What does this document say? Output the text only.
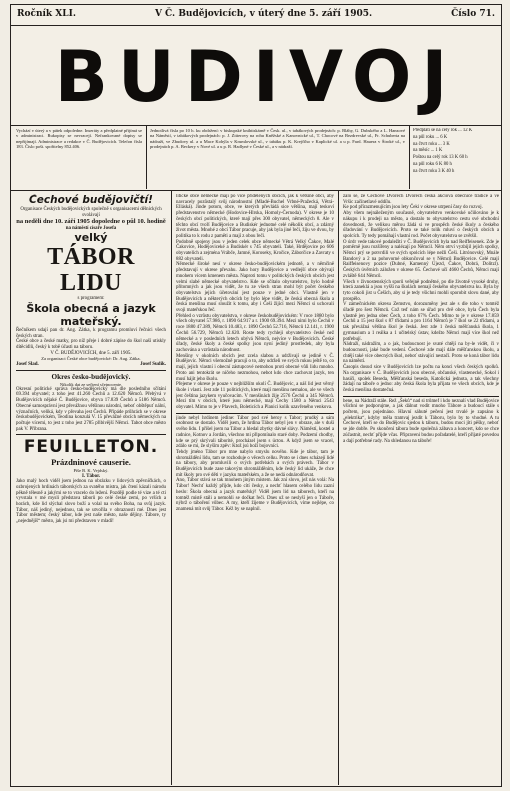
Ročník XLI.	V Č. Budějovicích, v úterý dne 5. září 1905.	Číslo 71.
BUDIVOJ
Vychází v úterý a v pátek odpoledne. Inseráty a předplatné přijímá se v administraci. Rukopisy se nevracejí. Nefrankované dopisy se nepřijímají. Administrace a redakce v Č. Budějovicích. Telefon čísla 183. Číslo pošt. spořitelny 852.406.
Jednotlivá čísla po 10 h. ku obdržení: v biskupské knihtiskárně v Česk. ul., v tabákových prodejnách: p. Bláhy, G. Dubského a L. Hanzové na Náměstí, v tabákových prodejnách: p. J. Zitterovy na rohu Kněžské a Kanovnické ul., T. Chocové na Bezdrevské ul., Fr. Schuberta na nádraží, ve Zbudovy ul. a u Mace Kohýla v Krumlovské ul., v tabáku p. K. Krejčího v Kaplické ul. a u p. Fard. Hauera v Široké ul., v prodejnách p. A. Beckery v Nové ul. a u p. R. Hadlyné v České ul., a v nádraží.
Předplatí se na celý rok ... 12 K
na půl roku ... 6 K
na čtvrt roku ... 3 K
na měsíc ... 1 K
Poštou na celý rok 13 K 60 h
na půl roku 6 K 80 h
na čtvrt roku 3 K 40 h
Čechové budějovičtí!
Organisace Českých budějovických společně s organisacemi dělnických svolávají
na neděli dne 10. září 1905 dopoledne o půl 10. hodině
na náměstí císaře Josefa
velký
TÁBOR LIDU
s programem:
Škola obecná a jazyk mateřský.
Řečníkem udají pan dr. Ang. Zátka, k programu promluví řečníci všech českých stran.
České obce a české matky, pro níž přeje i dobré zápise do škol naší utiskly dítěcidlů, český k tobě účasti na táboru.
V Č. BUDĚJOVICÍCH, dne 5. září 1905.
Za organisaci České obce budějovické: Dr. Aug. Zátka.
Josef Slad.	Josef Sudík.
Okres česko-budějovický.
Nikolik dat ze sečtení sčetnocenie.
Okresní politické správa česko-budějovický má dle posledního sčítání 69.394 obyvatel; z toho jest 41.260 Čechů a 12.620 Němců. Přebývá v Budějovicích nějaké Č. Budějovice, obyva 17.839 Čechů a 5186 Němců. Obecné samosprávní jest převážnou většinou národní, neboť obštěpuť nální, význačních, veliká, kdy v převaha jest Čechů. Přípáde průhrách se v okrese českobudějovickém, Teodina konzulá V. 15 převážné obcích německých na počtuje vícemi, to jest z toho jest 2785 přibivější Němci. Tabot obce město pak V. Přibrana.
FEUILLETON.
Prázdninové causerie.
Píše B. K. Vejdský.
I. Tábor.
Jako malý hoch viděl jsem jednou na obrázku v lidových zpěvníčkách, o ozbrojených hrdinách táborských za svatého mistra, jak čtení kázali národu pěkně tělesně a jakými se to vracelo do ležení. Později podle té vize a té cti vyvstala v mé mysli představa táborů po celé české zemi, po vrších a horách, kde lid slýchal slovo boží a volal na svého Boha, na svůj jazyk. Tábor, náš jediný, nejednou, tak se utvořila v obraznosti mé. Dnes jest Tábor městem; český tábor, kde jest naše město, naše dějiny. Tábore, ty „nejednějíš“ město, jak jsi mi představen v mladí!
liticke obce německé mají po více přidělených obcích, jak k většině obcí, aby navracely pozůstalý svůj národnostní (Mladé-Buchel Vrbné-Pražecká, Větrá-Elláská). Jinde potom, obce, ve kterých převládá sice většina, mají teskoví představenstvo německé (Hodovice-Hlrska, Homoly-Černoda). V okrese je 10 českých obcí politických, které mají přes 300 obyvatel, německých 8. Ale v těchto obcí tvoří Budějovice a Budiskér jednotné celé několik obcí, a zdárný život města. Mnohé z obcí Tábor pracuje, aby jak byla jiné řeči, žiju ve dvou, by politika to k rodu z paměti a mají z obou řeči.
Podobně spojeny jsou v jeden celek obce německé Větrá Velký Čakov, Malé Čakovice, Hodějoviceké a Budiskér s 745 obyvateli. Také, Hrdějovice po 606 obyvatelích a zejména Vrábče, Jamné, Koroseky, Kročice, Záborčice a Zavraty s 882 obyvateli.
Německé široké nesí v okrese česko-budějovickém jednotě, a v němčině představují v okrese převahu. Jako hory Budějovice a vedlejší obce obývají mnohem vícem kmenem města. Naproti tomu v politických českých obcích jest velmi slabé německé obyvatelstvo. Kde se sčítalo obyvatelstvo, bylo hodně přítomných a jak jsou vidět, že tu ze všech stran mohl být počet českého obyvatelstva jejich účetování jest pouze v jedné obci. Vlastně jen v Budějovicích a některých obcích by bylo lépe vidět, že česká obecná škola a česká menšina musí sloužit k tomu, aby i Češi žijící mezi Němci si uchovali svoji mateřskou řeč.
Přehled o vzrůstu obyvatelstva, v okrese českobudějovickém: V roce 1880 bylo všech obyvatel 57.986, r. 1890 64.917 a r. 1900 69.394. Mezi nimi bylo Čechů v roce 1880 47.389, Němců 10.483, r. 1890 Čechů 52.716, Němců 12.141, r. 1900 Čechů 56.729, Němců 12.620. Roste tedy rychleji obyvatelstvo české než německé a v posledních letech ubývá Němců, nejvíce v Budějovicích. České úřady, české školy a české spolky jsou nyní jediný prostředek, aby byla zachována a vzrůstala národnost.
Menšiny v okolních obcích jest zcela slabou a udrživají se jedině v Č. Budějovic. Němci všemožně pracují o to, aby udrželi ve svých rukou ještě to, co mají, jejich vlastní i obecní zástupcové nemohou proti obecné vůli lidu mnoho. Proto ani tentokrát se ničeho nezmohou, nebot kdo chce zachovat jazyk, ten musí hájit jeho školu.
Přejeme v okrese je pouze v nejbližším okolí Č. Budějovic, a náš lid jest věrný škole i vlasti. Jest zde 11 politických, které mají menšinu nemalou, ale ve všech jest čeština jazykem vyučovacím. V menšinách žije 2576 Čechů a 345 Němců. Mezi tím v obcích, které jsou německé, mají Čechy 1580 a Němci 2543 obyvatel. Mimo to je v Plavech, Boleticích a Planici kolik uzavřeného venkova.
jinde nebyl hrdinem jedine: Tábor pod své heroy s Tabor; prudký a sám osobnost se dostalo. Viděl jsem, že hrdina Tábor nebyl jen v obraze, ale v duši svého lidu. I přišel jsem na Tábor a hledal zbytky dávné slávy. Náměstí, kostel a radnice, Kotnov a Jordán, všechno mi připomínalo staré doby. Podzemí chodby, kde se prý skrývali táborité, procházel jsem s úctou. A když jsem se vracel, zdálo se mi, že slyším zpěv: Ktož jsú boží bojovníci.
Tehdy jméno Tábor pro mne nabylo smyslu nového. Kde je tábor, tam je shromáždění lidu, tam se rozhoduje o věcech celku. Proto se i dnes scházejí lidé na tábory, aby promluvili o svých potřebách a svých právech. Tábor v Budějovicích bude zase takovým shromážděním, kde český lid ukáže, že chce mít školy pro své děti v jazyku mateřském, a že se nedá odnárodňovat.
Ano, Tábor stává se tak mnohem jiným místem. Jak zní slovo, jež nás volá: Na Tábor! Nechť každý přijde, kdo cítí česky, a nechť hlasem celého lidu zazní heslo: Škola obecná a jazyk mateřský! Viděl jsem lid na táborech, kteří na tomtéž místě stáli a nemohli se dočkat řeči. Dnes už se neslyší jen o Táboře, nýbrž o táboření vůbec. A my, kteří žijeme v Budějovicích, víme nejlépe, co znamená mít svůj Tábor. Kéž by se naplnil.
zalo se, že Čechové Dvorech Dvorech česká akciová obecnice tradice a ve Vršic začínetlavé oddílu.
Ke pod přírazmenujícím jsou lety Čeki v okrese utrpení časy do rozvoj.
Aby všem nejnáleženým současně, obyvatelstvo venkovské učiňováno je k nákupu i k prodeji na město, a dostalo to obyvatelstvo cestu své obchodní dovednosti, že velikou měrou žádá si ve prospěch české školy a českého úřadování v Budějovicích. Proto se také tolik mluví o českých obcích a spolcích. Ty tedy pomáhají vlastní rod. Počet obyvatelstva se zvětšil.
O úrdr vede takové podaležiti v Č. Budějovicích byla nad Reiffeisenek. Zde je poměrně jsou rozšířeny a nalézají po Němcil. Něm otrví vyzbijil jejich spolky, Němci prý se potvrdili ve svých spolcích lépe nežli Češi. Litrónovský, Mnále Bandový a 2 na pohovorné obkončoval se v Němců Budějovice. Celé mají Raiffeisenovy pozice (Dubné, Kamenný Újezd, Čakov, Dobrá, Dolitzl). Českých úvěrních záložen v okrese 65. Čechové učí 4660 Čechů, Němci mají zvláště 644 Němců.
Všech v živnostenských sporů veřejně podnětné, po dle životně vysoké druhy, která zaneklá a jsou vyšší na školách nemají českého obyvatelstva ku. Byla by tyto cokoli jist u Češích, aby si je tedy všichni mohli sporobit slovu dané, aby prospělo.
V zámečnickém okresu Zemstvo, dorozuměny jest ale s dle toho v tomtéž úřadě pro šest Němců. Což teď nám se úřad pro dvě obce, byla Čech byla vlastně jen jedna obec Čech, z toho 67% Čech. Mimo to je v okrese 17.859 Čechů a 15 jest škol s 87 třídami a pro 1164 Němců je 7 škol se 22 třídami, a tak převážná většina škol je česká. Jest zde 1 česká měšťanská škola, 1 gymnasium a 1 reálka a 1 učitelský ústav, kdežto Němci mají více škol než potřebují.
Nádraží, nádražím, a o jak, budoucnost je svaté chtějí na by-le vidět, či v budoucnosti, jaké bude vedení. Čechové zde mají dále měšťanskou školu, a chtějí také více obecných škol, neboť stávající nestačí. Proto se koná tábor lidu na náměstí.
Časopis dosud sice v Budějovicích lze počtu na konci všech českých spolků. Na organisace v Č. Budějovicích jsou obecné, občanské, vlastenecké, Sokol i hasiči, spolek Beseda, Měšťanská beseda, Katolická jednota, a tak všechny žádají na táboře o jedno: aby česká škola byla přijata ve všech obcích, kde je česká menšina dostatečná.
bene, na Nádraží stále. Rež „Šeků“ nad si trůmef i kdo neznalí vlad Budějovice všichni se podporujme, a jak dálnut vodit mnoho Tábore a budoucí stále s počtem, jsou pojednáno. Hlavní sáhuté pečení jest trvalé je zapsáno k „elektrika“, kdyby měla tramvaj jezdit k Táboru, bylo by to vhodné. A tu Čechové, kteří se do Budějovic sjedou k táboru, budou moci jíti pěšky, neboť se jde dobře. Po skončení tábora bude společná zábava a koncert, kdo se chce zúčastnit, nechť přijde včas. Připraveni budou pořadatelé, kteří přijaté povedou a dají potřebné rady. Na shledanou na táboře!
